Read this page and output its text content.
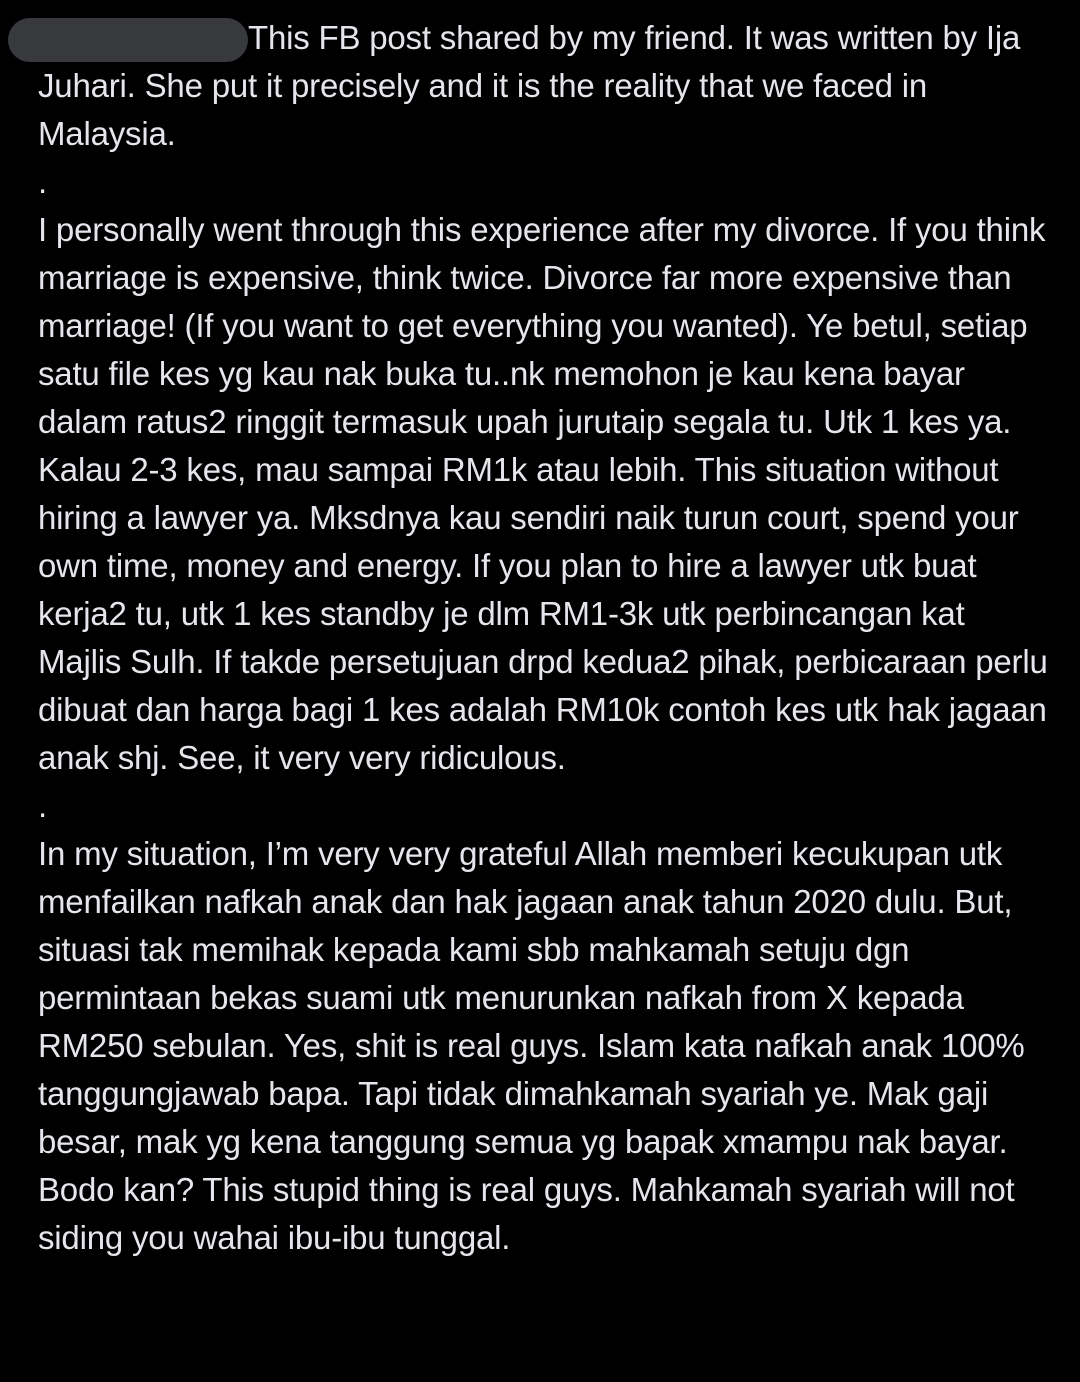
This FB post shared by my friend. It was written by Ija Juhari. She put it precisely and it is the reality that we faced in Malaysia.

.

I personally went through this experience after my divorce. If you think marriage is expensive, think twice. Divorce far more expensive than marriage! (If you want to get everything you wanted). Ye betul, setiap satu file kes yg kau nak buka tu..nk memohon je kau kena bayar dalam ratus2 ringgit termasuk upah jurutaip segala tu. Utk 1 kes ya. Kalau 2-3 kes, mau sampai RM1k atau lebih. This situation without hiring a lawyer ya. Mksdnya kau sendiri naik turun court, spend your own time, money and energy. If you plan to hire a lawyer utk buat kerja2 tu, utk 1 kes standby je dlm RM1-3k utk perbincangan kat Majlis Sulh. If takde persetujuan drpd kedua2 pihak, perbicaraan perlu dibuat dan harga bagi 1 kes adalah RM10k contoh kes utk hak jagaan anak shj. See, it very very ridiculous.

.

In my situation, I’m very very grateful Allah memberi kecukupan utk menfailkan nafkah anak dan hak jagaan anak tahun 2020 dulu. But, situasi tak memihak kepada kami sbb mahkamah setuju dgn permintaan bekas suami utk menurunkan nafkah from X kepada RM250 sebulan. Yes, shit is real guys. Islam kata nafkah anak 100% tanggungjawab bapa. Tapi tidak dimahkamah syariah ye. Mak gaji besar, mak yg kena tanggung semua yg bapak xmampu nak bayar. Bodo kan? This stupid thing is real guys. Mahkamah syariah will not siding you wahai ibu-ibu tunggal.
